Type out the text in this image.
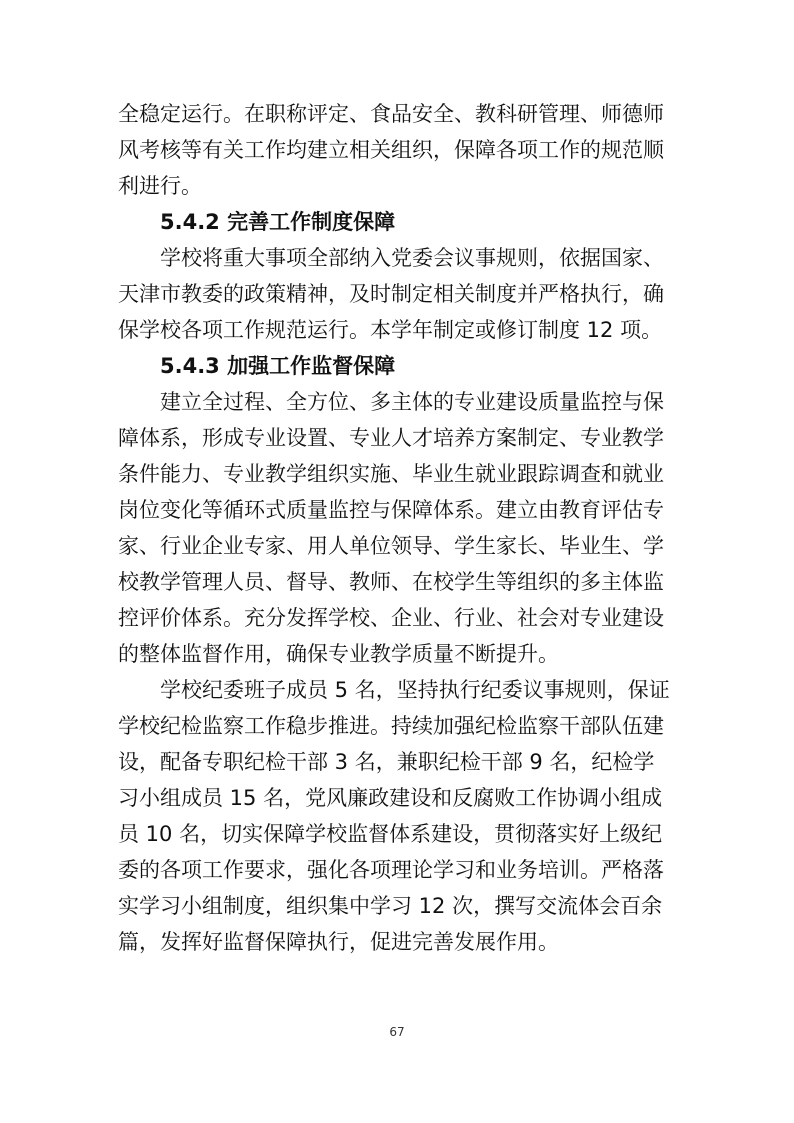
全稳定运行。在职称评定、食品安全、教科研管理、师德师
风考核等有关工作均建立相关组织，保障各项工作的规范顺
利进行。
5.4.2 完善工作制度保障
学校将重大事项全部纳入党委会议事规则，依据国家、
天津市教委的政策精神，及时制定相关制度并严格执行，确
保学校各项工作规范运行。本学年制定或修订制度 12 项。
5.4.3 加强工作监督保障
建立全过程、全方位、多主体的专业建设质量监控与保
障体系，形成专业设置、专业人才培养方案制定、专业教学
条件能力、专业教学组织实施、毕业生就业跟踪调查和就业
岗位变化等循环式质量监控与保障体系。建立由教育评估专
家、行业企业专家、用人单位领导、学生家长、毕业生、学
校教学管理人员、督导、教师、在校学生等组织的多主体监
控评价体系。充分发挥学校、企业、行业、社会对专业建设
的整体监督作用，确保专业教学质量不断提升。
学校纪委班子成员 5 名，坚持执行纪委议事规则，保证
学校纪检监察工作稳步推进。持续加强纪检监察干部队伍建
设，配备专职纪检干部 3 名，兼职纪检干部 9 名，纪检学
习小组成员 15 名，党风廉政建设和反腐败工作协调小组成
员 10 名，切实保障学校监督体系建设，贯彻落实好上级纪
委的各项工作要求，强化各项理论学习和业务培训。严格落
实学习小组制度，组织集中学习 12 次，撰写交流体会百余
篇，发挥好监督保障执行，促进完善发展作用。
67
